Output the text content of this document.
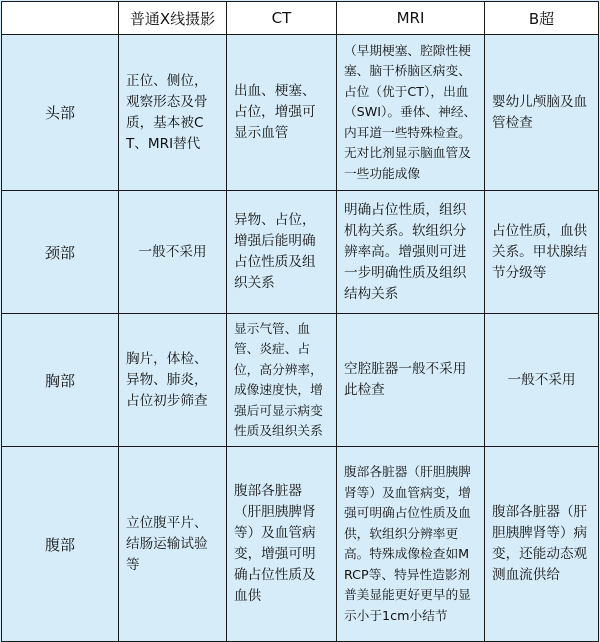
	普通X线摄影	CT	MRI	B超
头部	正位、侧位，观察形态及骨质，基本被CT、MRI替代	出血、梗塞、占位，增强可显示血管	（早期梗塞、腔隙性梗塞、脑干桥脑区病变、占位（优于CT），出血（SWI）。垂体、神经、内耳道一些特殊检查。无对比剂显示脑血管及一些功能成像	婴幼儿颅脑及血管检查

颈部	一般不采用	异物、占位，增强后能明确占位性质及组织关系	明确占位性质，组织机构关系。软组织分辨率高。增强则可进一步明确性质及组织结构关系	占位性质，血供关系。甲状腺结节分级等

胸部	胸片，体检、异物、肺炎，占位初步筛查	显示气管、血管、炎症、占位，高分辨率，成像速度快，增强后可显示病变性质及组织关系	空腔脏器一般不采用此检查	一般不采用

腹部	立位腹平片、结肠运输试验等	腹部各脏器（肝胆胰脾肾等）及血管病变，增强可明确占位性质及血供	腹部各脏器（肝胆胰脾肾等）及血管病变，增强可明确占位性质及血供，软组织分辨率更高。特殊成像检查如MRCP等、特异性造影剂普美显能更好更早的显示小于1cm小结节	腹部各脏器（肝胆胰脾肾等）病变，还能动态观测血流供给
